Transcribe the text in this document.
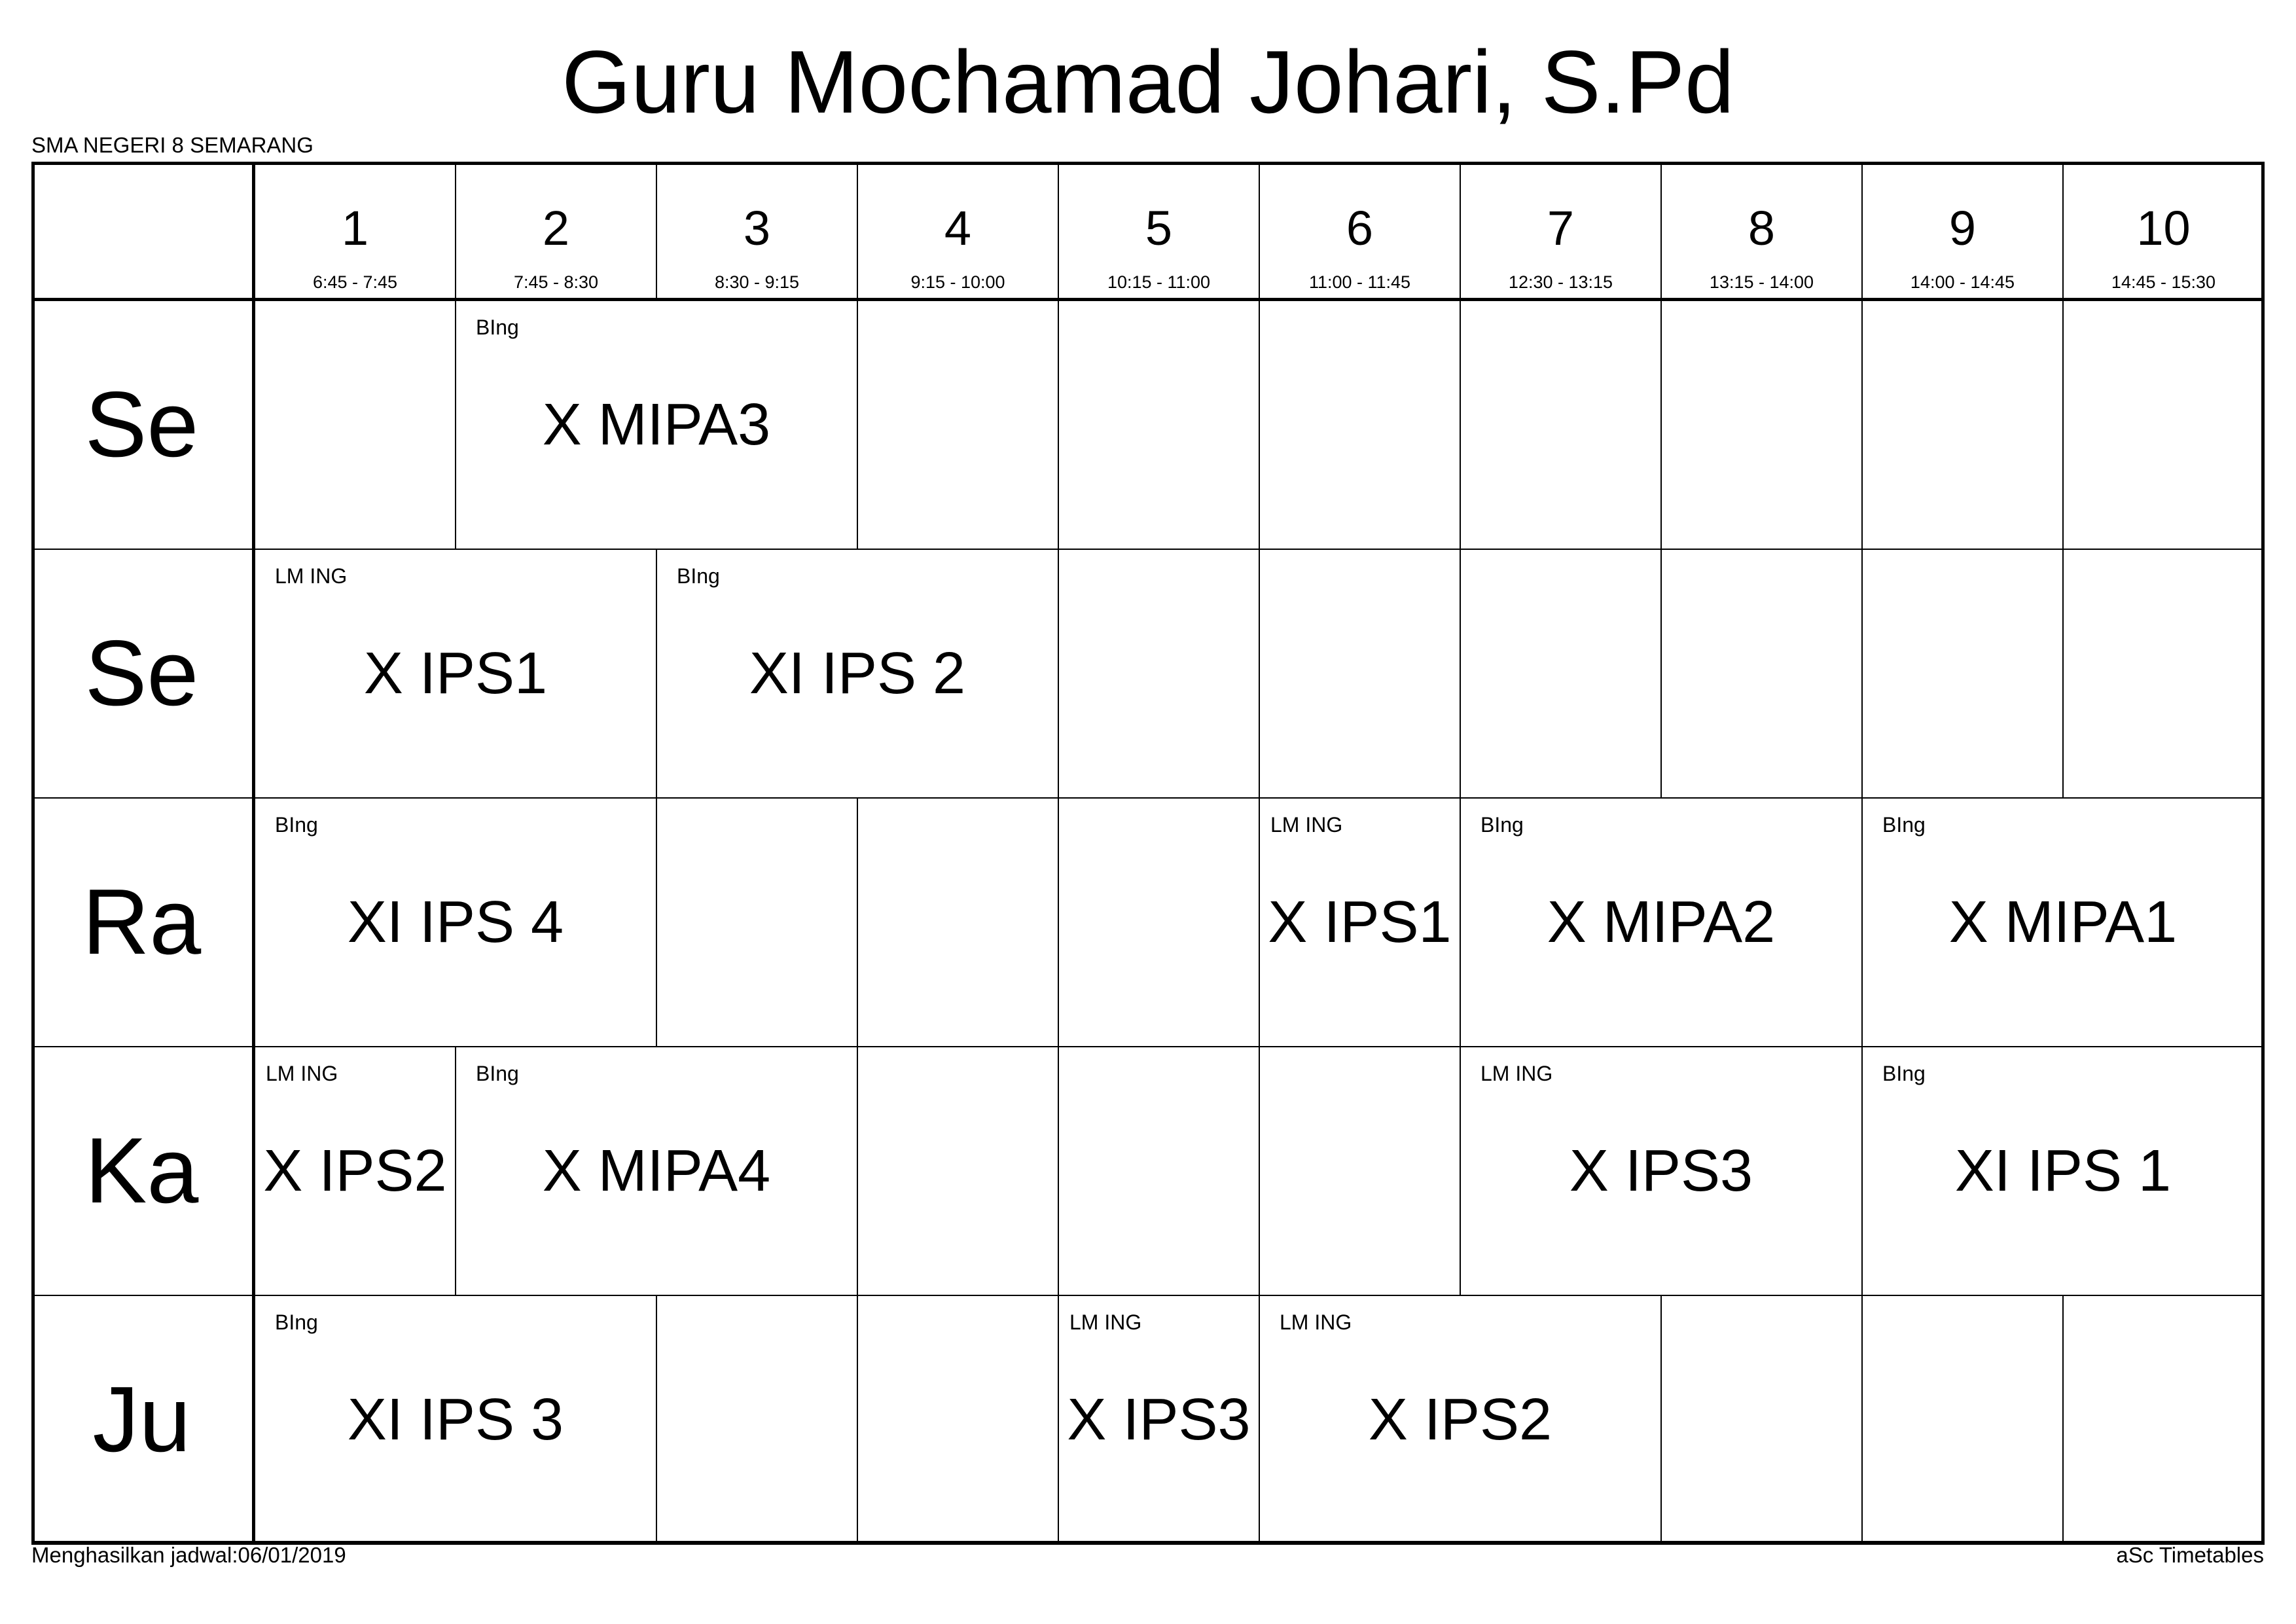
Guru Mochamad Johari, S.Pd
SMA NEGERI 8 SEMARANG
1
6:45 - 7:45
2
7:45 - 8:30
3
8:30 - 9:15
4
9:15 - 10:00
5
10:15 - 11:00
6
11:00 - 11:45
7
12:30 - 13:15
8
13:15 - 14:00
9
14:00 - 14:45
10
14:45 - 15:30
Se
BIng
X MIPA3
Se
LM ING
X IPS1
BIng
XI IPS 2
Ra
BIng
XI IPS 4
LM ING
X IPS1
BIng
X MIPA2
BIng
X MIPA1
Ka
LM ING
X IPS2
BIng
X MIPA4
LM ING
X IPS3
BIng
XI IPS 1
Ju
BIng
XI IPS 3
LM ING
X IPS3
LM ING
X IPS2
Menghasilkan jadwal:06/01/2019	aSc Timetables
